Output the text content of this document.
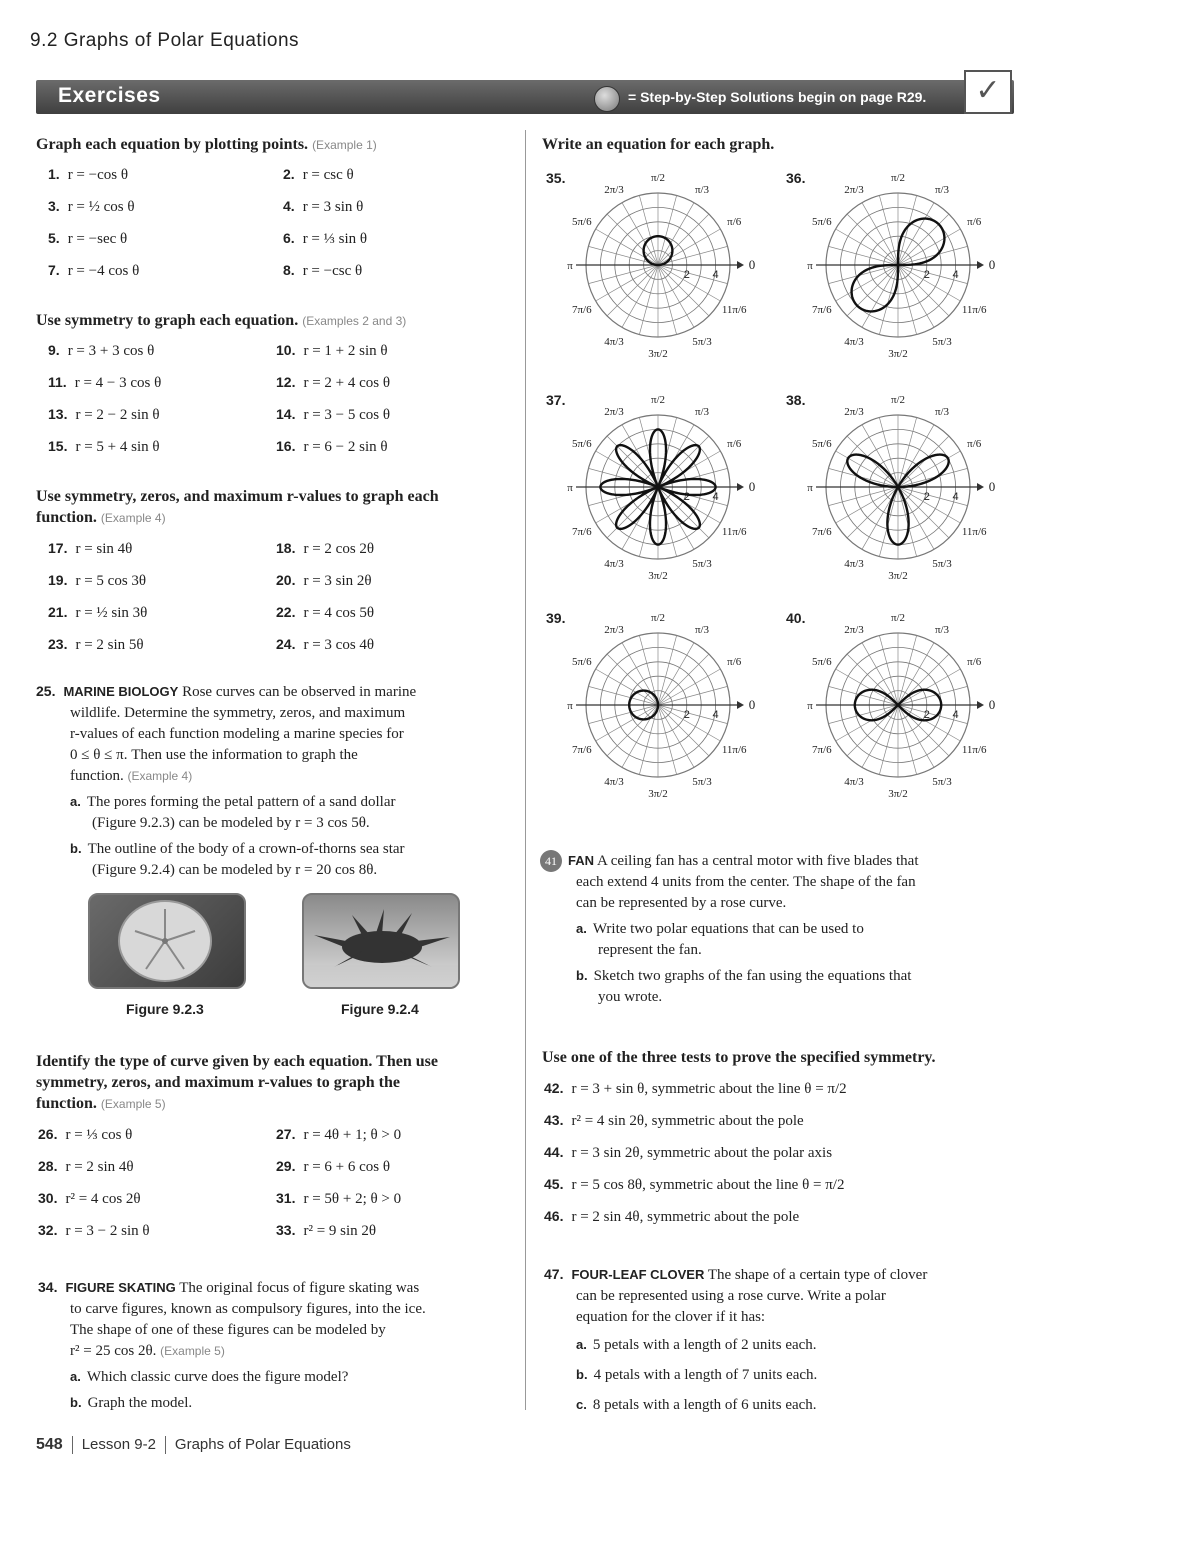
9.2 Graphs of Polar Equations
Exercises	= Step-by-Step Solutions begin on page R29.	✓
Graph each equation by plotting points. (Example 1)
1. r = −cos θ	2. r = csc θ
3. r = ½ cos θ	4. r = 3 sin θ
5. r = −sec θ	6. r = ⅓ sin θ
7. r = −4 cos θ	8. r = −csc θ
Use symmetry to graph each equation. (Examples 2 and 3)
9. r = 3 + 3 cos θ	10. r = 1 + 2 sin θ
11. r = 4 − 3 cos θ	12. r = 2 + 4 cos θ
13. r = 2 − 2 sin θ	14. r = 3 − 5 cos θ
15. r = 5 + 4 sin θ	16. r = 6 − 2 sin θ
Use symmetry, zeros, and maximum r-values to graph each
function. (Example 4)
17. r = sin 4θ	18. r = 2 cos 2θ
19. r = 5 cos 3θ	20. r = 3 sin 2θ
21. r = ½ sin 3θ	22. r = 4 cos 5θ
23. r = 2 sin 5θ	24. r = 3 cos 4θ
25. MARINE BIOLOGY Rose curves can be observed in marine
wildlife. Determine the symmetry, zeros, and maximum
r-values of each function modeling a marine species for
0 ≤ θ ≤ π. Then use the information to graph the
function. (Example 4)
a. The pores forming the petal pattern of a sand dollar
(Figure 9.2.3) can be modeled by r = 3 cos 5θ.
b. The outline of the body of a crown-of-thorns sea star
(Figure 9.2.4) can be modeled by r = 20 cos 8θ.
Figure 9.2.3	Figure 9.2.4
Identify the type of curve given by each equation. Then use
symmetry, zeros, and maximum r-values to graph the
function. (Example 5)
26. r = ⅓ cos θ	27. r = 4θ + 1; θ > 0
28. r = 2 sin 4θ	29. r = 6 + 6 cos θ
30. r² = 4 cos 2θ	31. r = 5θ + 2; θ > 0
32. r = 3 − 2 sin θ	33. r² = 9 sin 2θ
34. FIGURE SKATING The original focus of figure skating was
to carve figures, known as compulsory figures, into the ice.
The shape of one of these figures can be modeled by
r² = 25 cos 2θ. (Example 5)
a. Which classic curve does the figure model?
b. Graph the model.
548 Lesson 9-2 Graphs of Polar Equations
Write an equation for each graph.
35.
0
π/6
π/3
π/2
2π/3
5π/6
π
7π/6
4π/3
3π/2
5π/3
11π/6
2 4
36.
0
π/6
π/3
π/2
2π/3
5π/6
π
7π/6
4π/3
3π/2
5π/3
11π/6
2 4
37.
0
π/6
π/3
π/2
2π/3
5π/6
π
7π/6
4π/3
3π/2
5π/3
11π/6
2 4
38.
0
π/6
π/3
π/2
2π/3
5π/6
π
7π/6
4π/3
3π/2
5π/3
11π/6
2 4
39.
0
π/6
π/3
π/2
2π/3
5π/6
π
7π/6
4π/3
3π/2
5π/3
11π/6
2 4
40.
0
π/6
π/3
π/2
2π/3
5π/6
π
7π/6
4π/3
3π/2
5π/3
11π/6
2 4
41 FAN A ceiling fan has a central motor with five blades that
each extend 4 units from the center. The shape of the fan
can be represented by a rose curve.
a. Write two polar equations that can be used to
represent the fan.
b. Sketch two graphs of the fan using the equations that
you wrote.
Use one of the three tests to prove the specified symmetry.
42. r = 3 + sin θ, symmetric about the line θ = π/2
43. r² = 4 sin 2θ, symmetric about the pole
44. r = 3 sin 2θ, symmetric about the polar axis
45. r = 5 cos 8θ, symmetric about the line θ = π/2
46. r = 2 sin 4θ, symmetric about the pole
47. FOUR-LEAF CLOVER The shape of a certain type of clover
can be represented using a rose curve. Write a polar
equation for the clover if it has:
a. 5 petals with a length of 2 units each.
b. 4 petals with a length of 7 units each.
c. 8 petals with a length of 6 units each.
